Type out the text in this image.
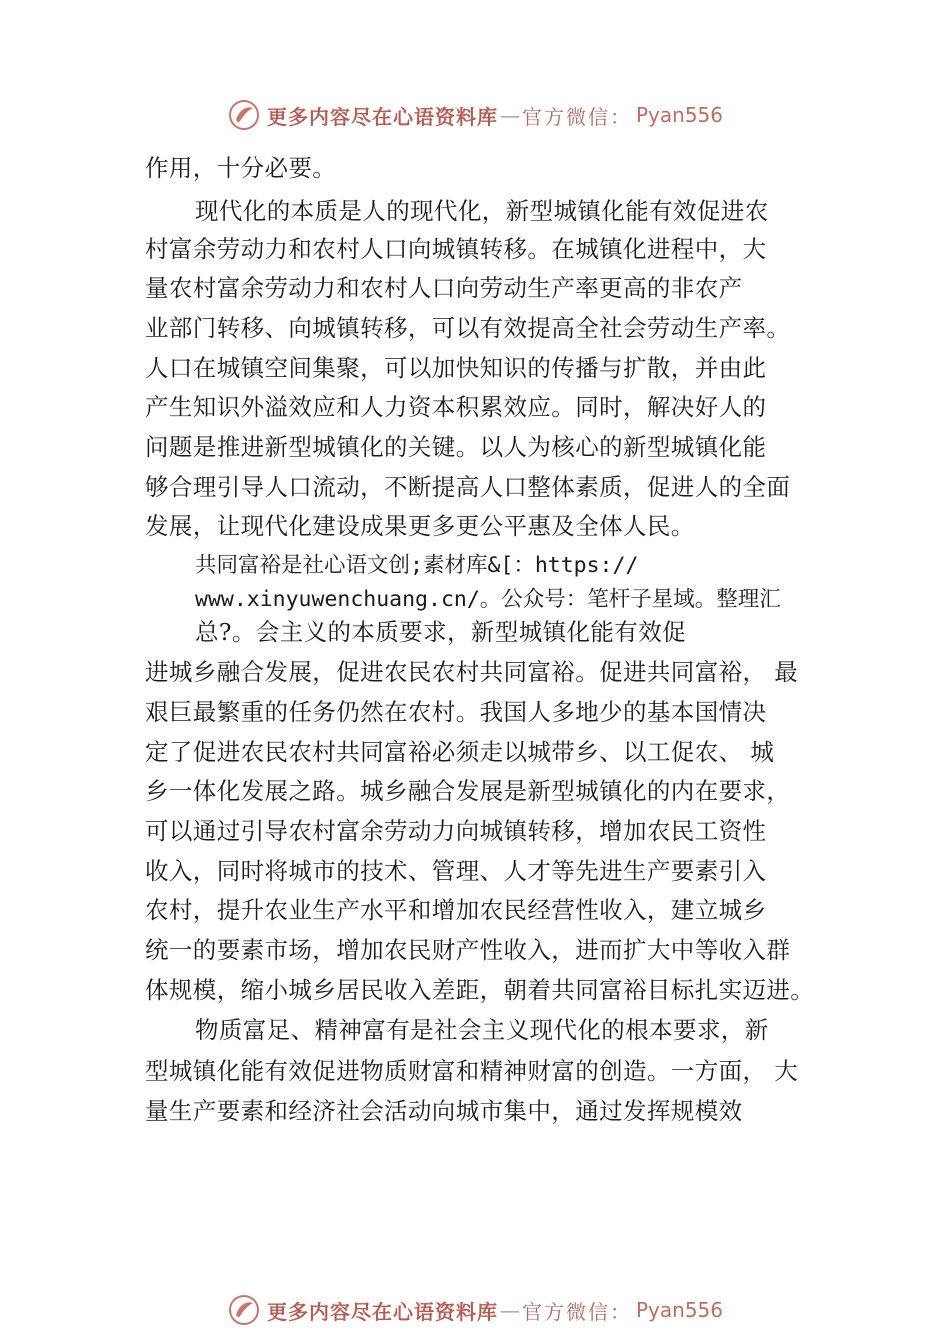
更多内容尽在心语资料库 — 官方微信： Pyan556
作用，十分必要。
现代化的本质是人的现代化，新型城镇化能有效促进农
村富余劳动力和农村人口向城镇转移。在城镇化进程中，大
量农村富余劳动力和农村人口向劳动生产率更高的非农产
业部门转移、向城镇转移，可以有效提高全社会劳动生产率。
人口在城镇空间集聚，可以加快知识的传播与扩散，并由此
产生知识外溢效应和人力资本积累效应。同时，解决好人的
问题是推进新型城镇化的关键。以人为核心的新型城镇化能
够合理引导人口流动，不断提高人口整体素质，促进人的全面
发展，让现代化建设成果更多更公平惠及全体人民。
共同富裕是社心语文创;素材库&[：https://
www.xinyuwenchuang.cn/。公众号：笔杆子星域。整理汇
总?。会主义的本质要求，新型城镇化能有效促
进城乡融合发展，促进农民农村共同富裕。促进共同富裕， 最
艰巨最繁重的任务仍然在农村。我国人多地少的基本国情决
定了促进农民农村共同富裕必须走以城带乡、以工促农、 城
乡一体化发展之路。城乡融合发展是新型城镇化的内在要求，
可以通过引导农村富余劳动力向城镇转移，增加农民工资性
收入，同时将城市的技术、管理、人才等先进生产要素引入
农村，提升农业生产水平和增加农民经营性收入，建立城乡
统一的要素市场，增加农民财产性收入，进而扩大中等收入群
体规模，缩小城乡居民收入差距，朝着共同富裕目标扎实迈进。
物质富足、精神富有是社会主义现代化的根本要求，新
型城镇化能有效促进物质财富和精神财富的创造。一方面， 大
量生产要素和经济社会活动向城市集中，通过发挥规模效
更多内容尽在心语资料库 — 官方微信： Pyan556
